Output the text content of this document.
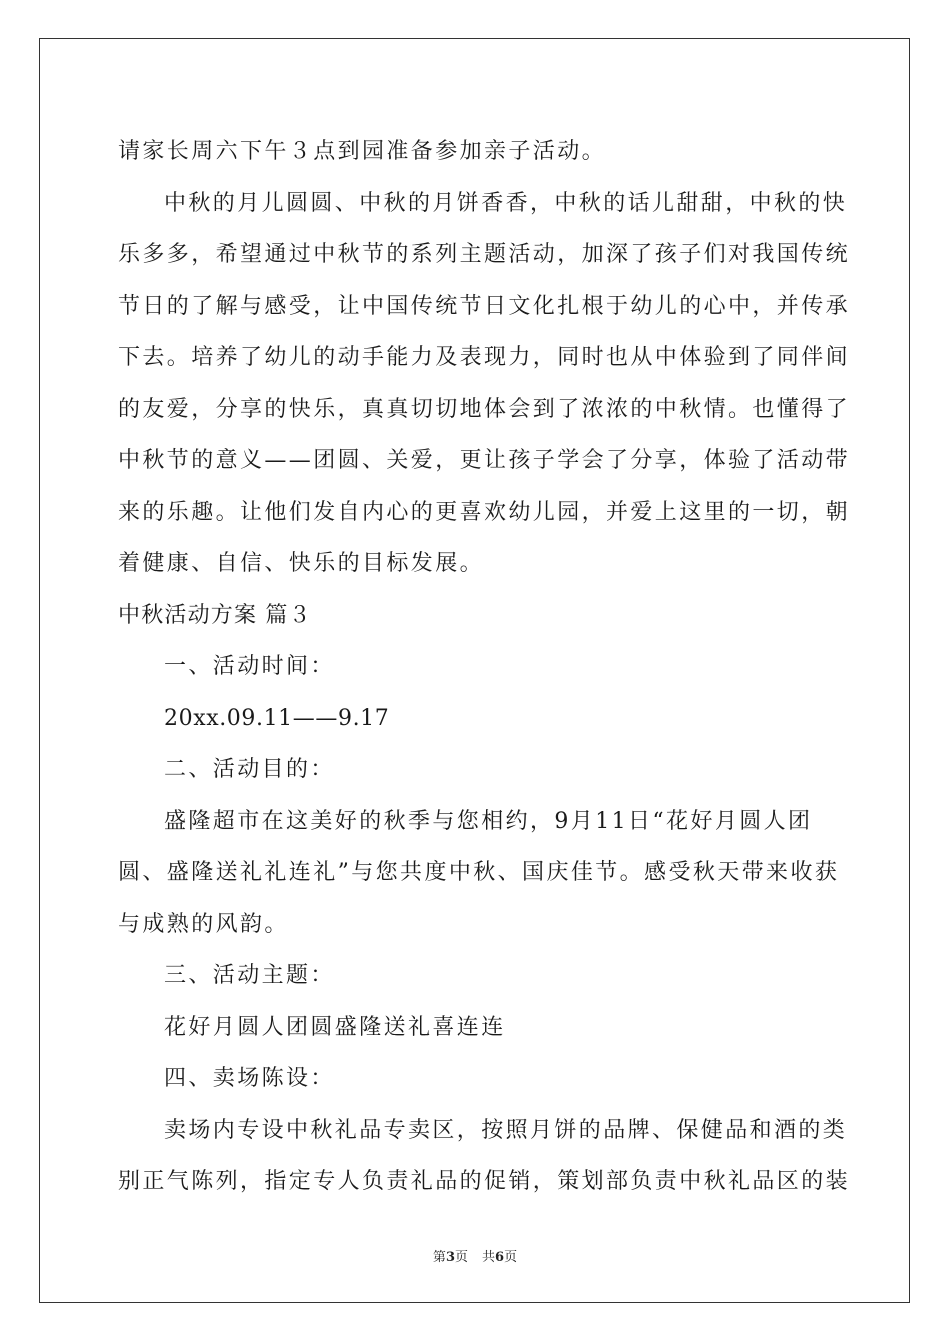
请家长周六下午３点到园准备参加亲子活动。
中秋的月儿圆圆、中秋的月饼香香，中秋的话儿甜甜，中秋的快
乐多多，希望通过中秋节的系列主题活动，加深了孩子们对我国传统
节日的了解与感受，让中国传统节日文化扎根于幼儿的心中，并传承
下去。培养了幼儿的动手能力及表现力，同时也从中体验到了同伴间
的友爱，分享的快乐，真真切切地体会到了浓浓的中秋情。也懂得了
中秋节的意义——团圆、关爱，更让孩子学会了分享，体验了活动带
来的乐趣。让他们发自内心的更喜欢幼儿园，并爱上这里的一切，朝
着健康、自信、快乐的目标发展。
中秋活动方案 篇３
一、活动时间：
20xx.09.11——9.17
二、活动目的：
盛隆超市在这美好的秋季与您相约，9月11日“花好月圆人团
圆、盛隆送礼礼连礼”与您共度中秋、国庆佳节。感受秋天带来收获
与成熟的风韵。
三、活动主题：
花好月圆人团圆盛隆送礼喜连连
四、卖场陈设：
卖场内专设中秋礼品专卖区，按照月饼的品牌、保健品和酒的类
别正气陈列，指定专人负责礼品的促销，策划部负责中秋礼品区的装
第3页 共6页
